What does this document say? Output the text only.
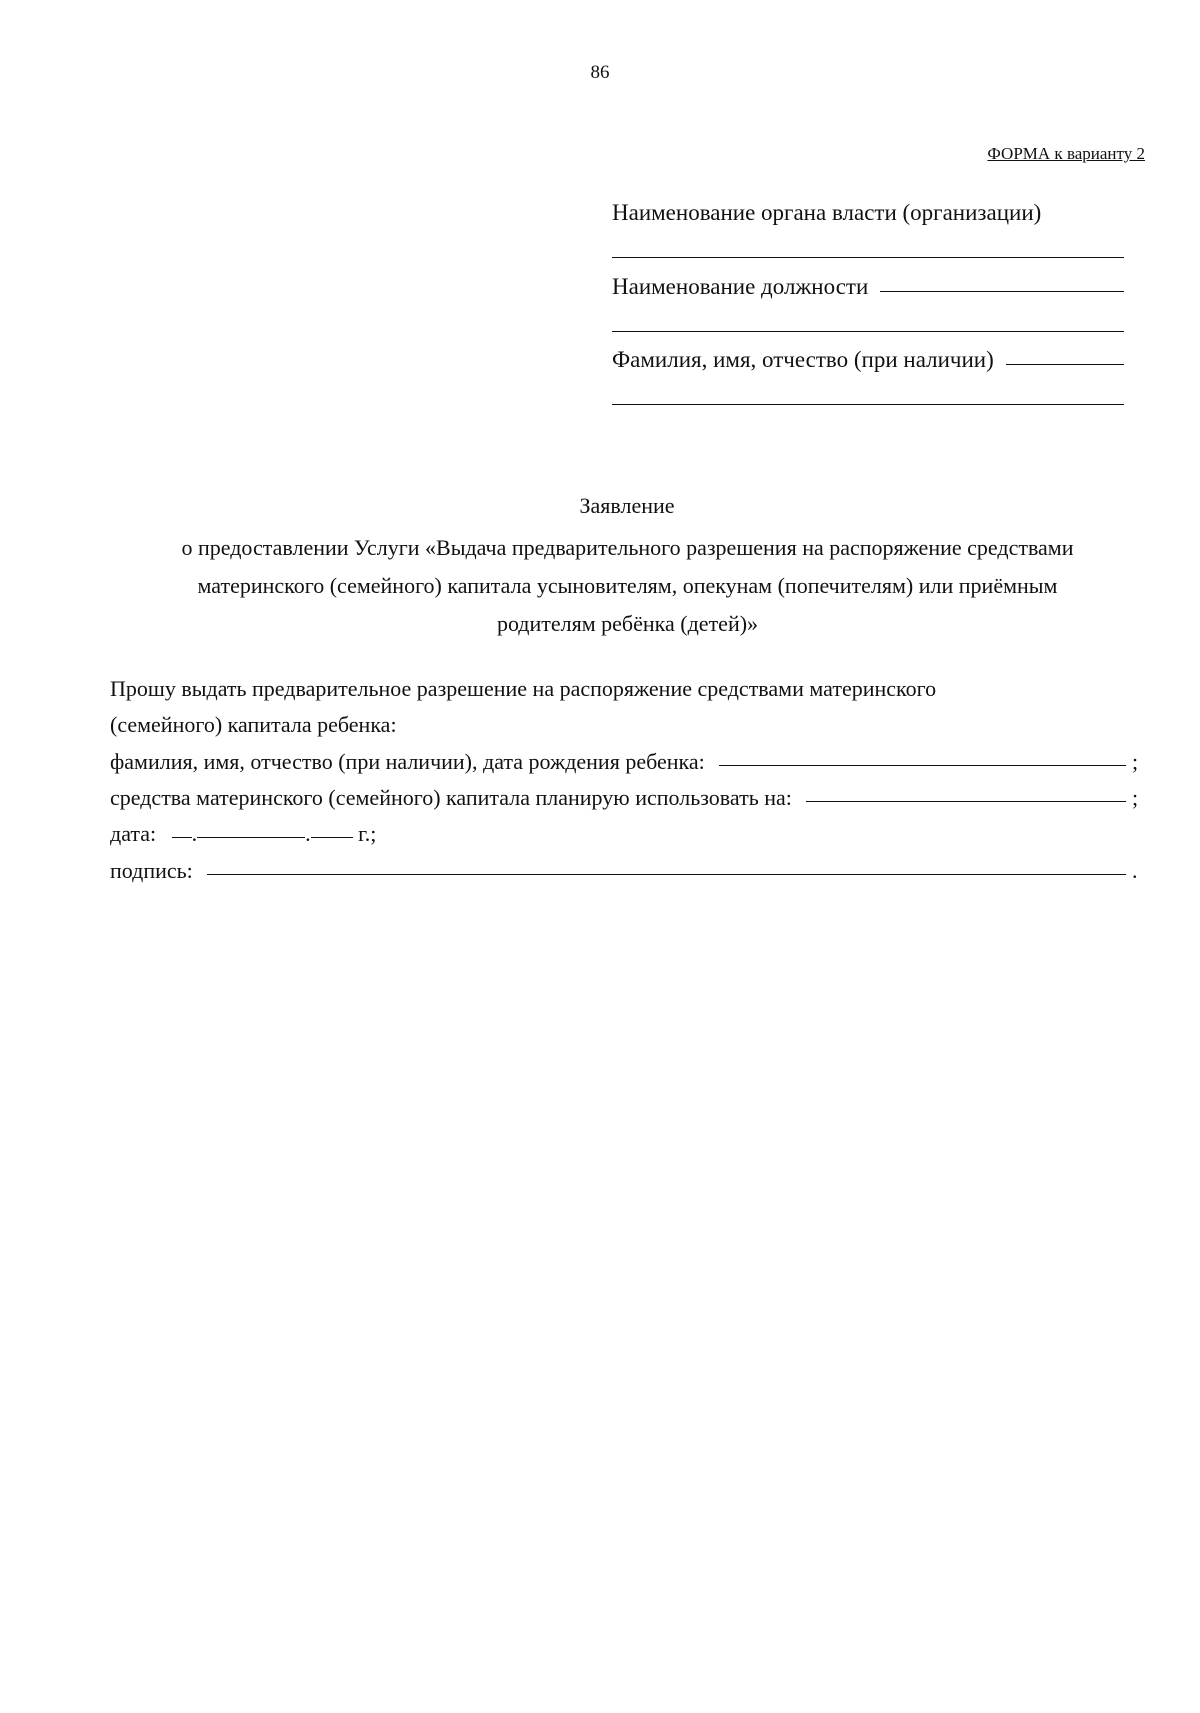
86
ФОРМА к варианту 2
Наименование органа власти (организации)
Наименование должности
Фамилия, имя, отчество (при наличии)
Заявление
о предоставлении Услуги «Выдача предварительного разрешения на распоряжение средствами
материнского (семейного) капитала усыновителям, опекунам (попечителям) или приёмным
родителям ребёнка (детей)»
Прошу выдать предварительное разрешение на распоряжение средствами материнского
(семейного) капитала ребенка:
фамилия, имя, отчество (при наличии), дата рождения ребенка:	;
средства материнского (семейного) капитала планирую использовать на:	;
дата: .	. г.;
подпись:	.
